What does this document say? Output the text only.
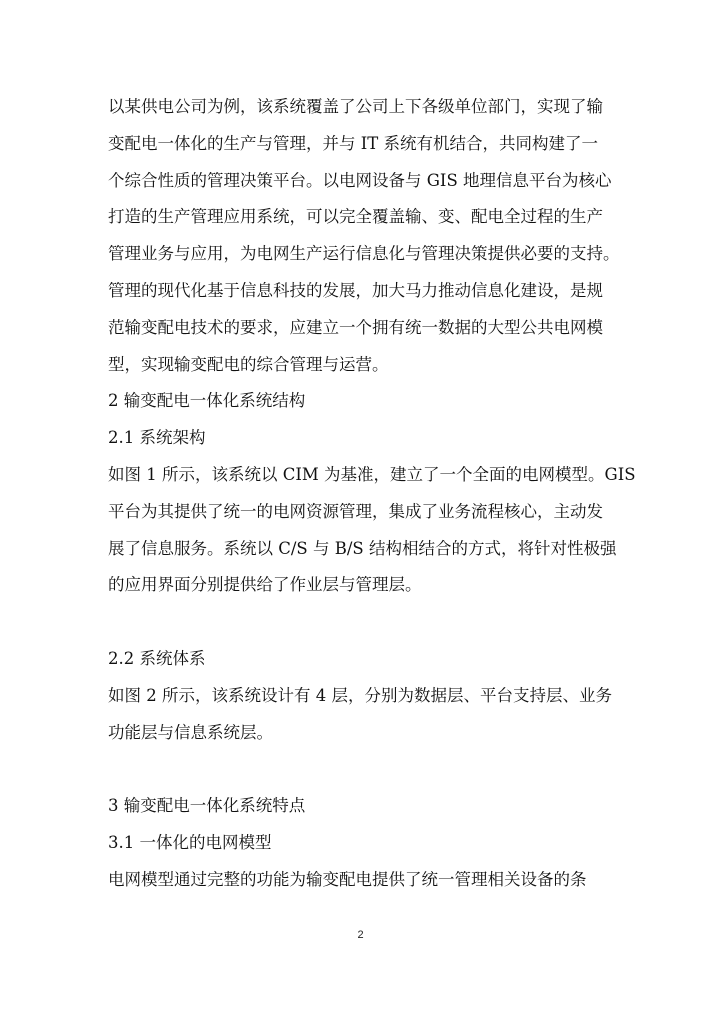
以某供电公司为例，该系统覆盖了公司上下各级单位部门，实现了输
变配电一体化的生产与管理，并与 IT 系统有机结合，共同构建了一
个综合性质的管理决策平台。以电网设备与 GIS 地理信息平台为核心
打造的生产管理应用系统，可以完全覆盖输、变、配电全过程的生产
管理业务与应用，为电网生产运行信息化与管理决策提供必要的支持。
管理的现代化基于信息科技的发展，加大马力推动信息化建设，是规
范输变配电技术的要求，应建立一个拥有统一数据的大型公共电网模
型，实现输变配电的综合管理与运营。
2 输变配电一体化系统结构
2.1 系统架构
如图 1 所示，该系统以 CIM 为基准，建立了一个全面的电网模型。GIS
平台为其提供了统一的电网资源管理，集成了业务流程核心，主动发
展了信息服务。系统以 C/S 与 B/S 结构相结合的方式，将针对性极强
的应用界面分别提供给了作业层与管理层。
2.2 系统体系
如图 2 所示，该系统设计有 4 层，分别为数据层、平台支持层、业务
功能层与信息系统层。
3 输变配电一体化系统特点
3.1 一体化的电网模型
电网模型通过完整的功能为输变配电提供了统一管理相关设备的条
2
